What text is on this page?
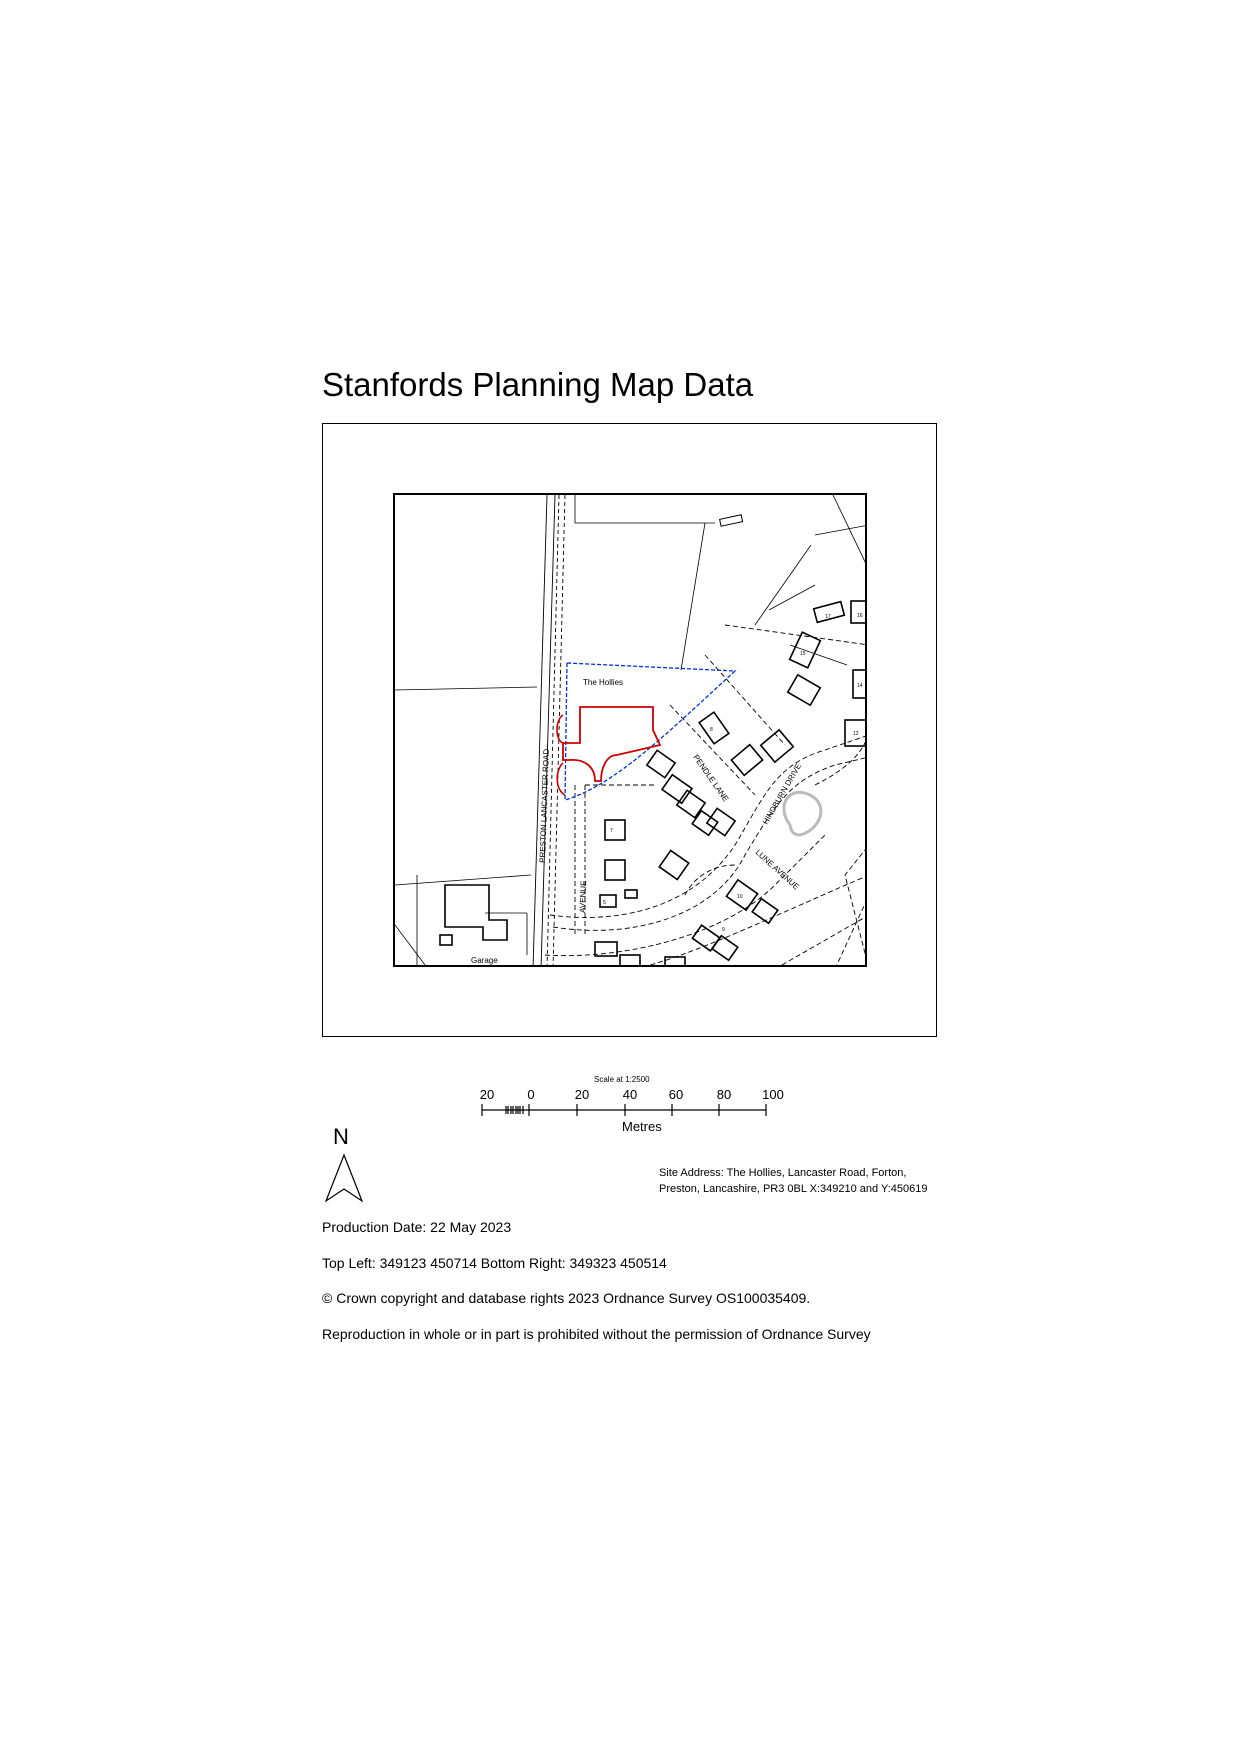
Stanfords Planning Map Data
The Hollies
PRESTON LANCASTER ROAD
AVENUE
PENDLE LANE	HINDBURN DRIVE
LUNE AVENUE
Garage
17	16
15
14
8
12
7
10
5
9
Scale at 1:2500
20	0	20	40 60	80 100
Metres
N
Site Address: The Hollies, Lancaster Road, Forton, Preston, Lancashire, PR3 0BL X:349210 and Y:450619
Production Date: 22 May 2023
Top Left: 349123 450714 Bottom Right: 349323 450514
© Crown copyright and database rights 2023 Ordnance Survey OS100035409.
Reproduction in whole or in part is prohibited without the permission of Ordnance Survey
